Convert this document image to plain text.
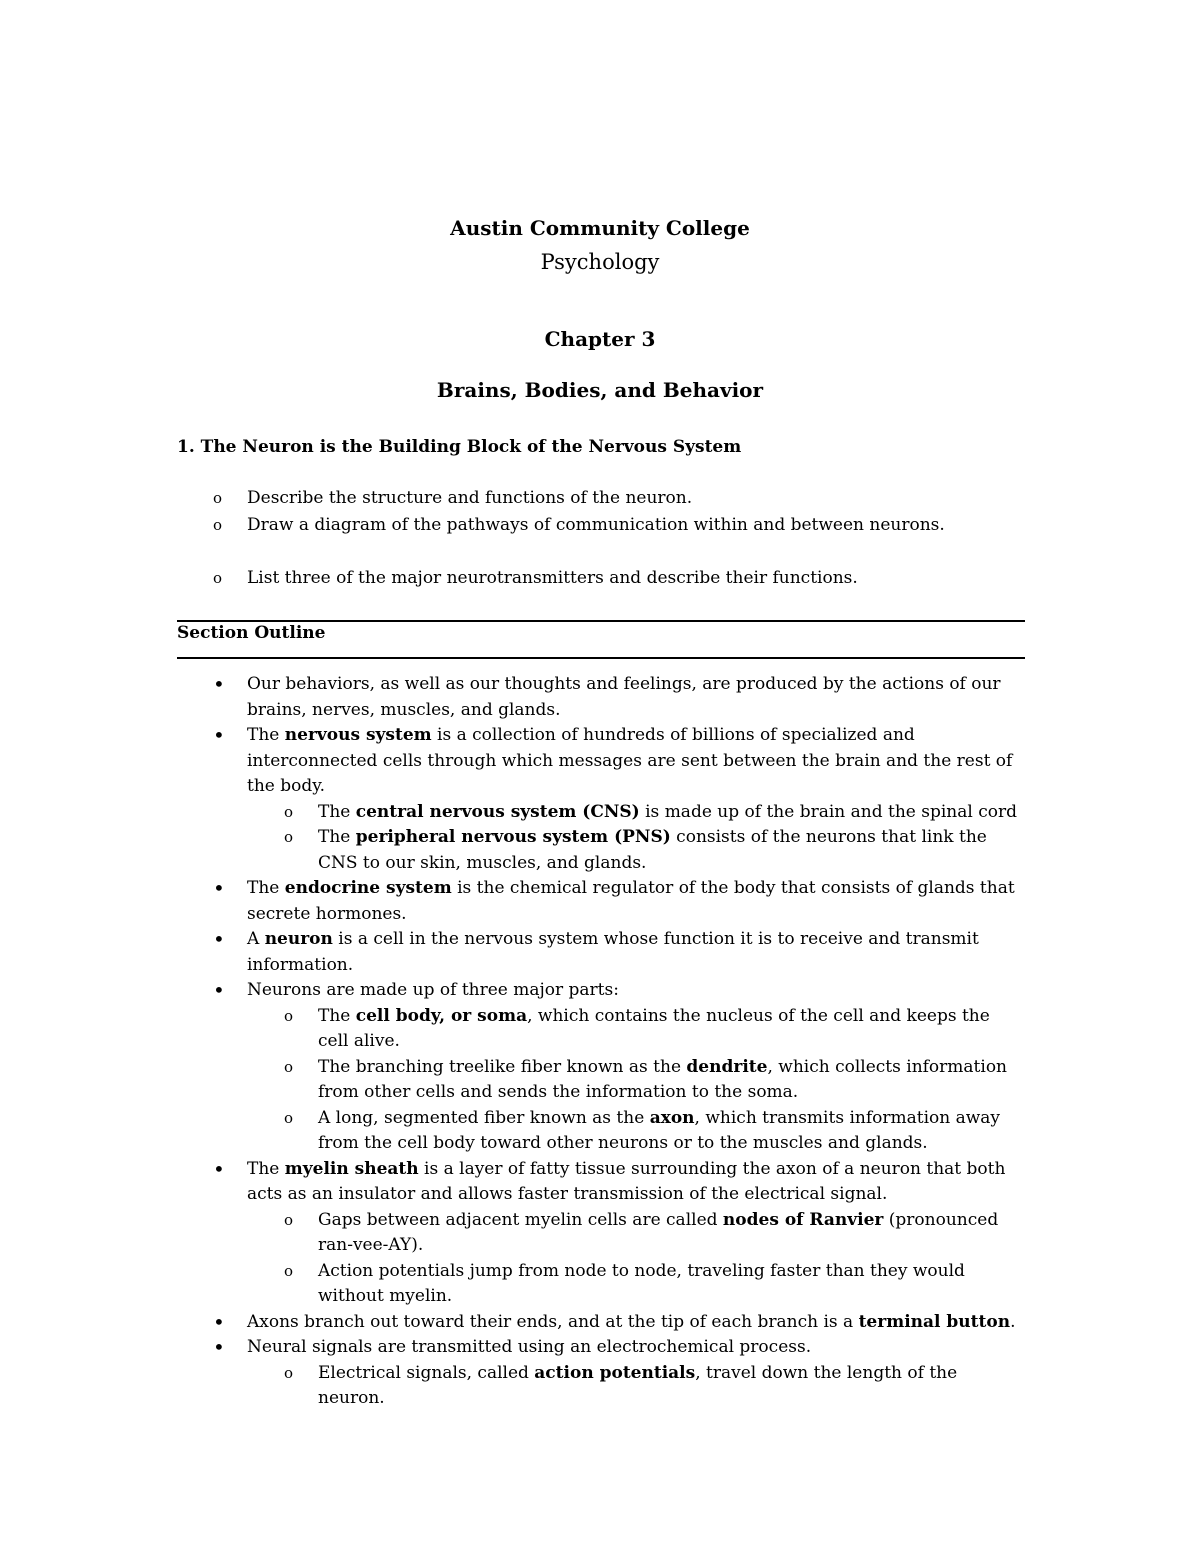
Austin Community College
Psychology
Chapter 3
Brains, Bodies, and Behavior
1. The Neuron is the Building Block of the Nervous System
o Describe the structure and functions of the neuron.
o Draw a diagram of the pathways of communication within and between neurons.
o List three of the major neurotransmitters and describe their functions.
Section Outline
• Our behaviors, as well as our thoughts and feelings, are produced by the actions of our brains, nerves, muscles, and glands.
• The nervous system is a collection of hundreds of billions of specialized and interconnected cells through which messages are sent between the brain and the rest of the body.
o The central nervous system (CNS) is made up of the brain and the spinal cord
o The peripheral nervous system (PNS) consists of the neurons that link the CNS to our skin, muscles, and glands.
• The endocrine system is the chemical regulator of the body that consists of glands that secrete hormones.
• A neuron is a cell in the nervous system whose function it is to receive and transmit information.
• Neurons are made up of three major parts:
o The cell body, or soma, which contains the nucleus of the cell and keeps the cell alive.
o The branching treelike fiber known as the dendrite, which collects information from other cells and sends the information to the soma.
o A long, segmented fiber known as the axon, which transmits information away from the cell body toward other neurons or to the muscles and glands.
• The myelin sheath is a layer of fatty tissue surrounding the axon of a neuron that both acts as an insulator and allows faster transmission of the electrical signal.
o Gaps between adjacent myelin cells are called nodes of Ranvier (pronounced ran-vee-AY).
o Action potentials jump from node to node, traveling faster than they would without myelin.
• Axons branch out toward their ends, and at the tip of each branch is a terminal button.
• Neural signals are transmitted using an electrochemical process.
o Electrical signals, called action potentials, travel down the length of the neuron.
